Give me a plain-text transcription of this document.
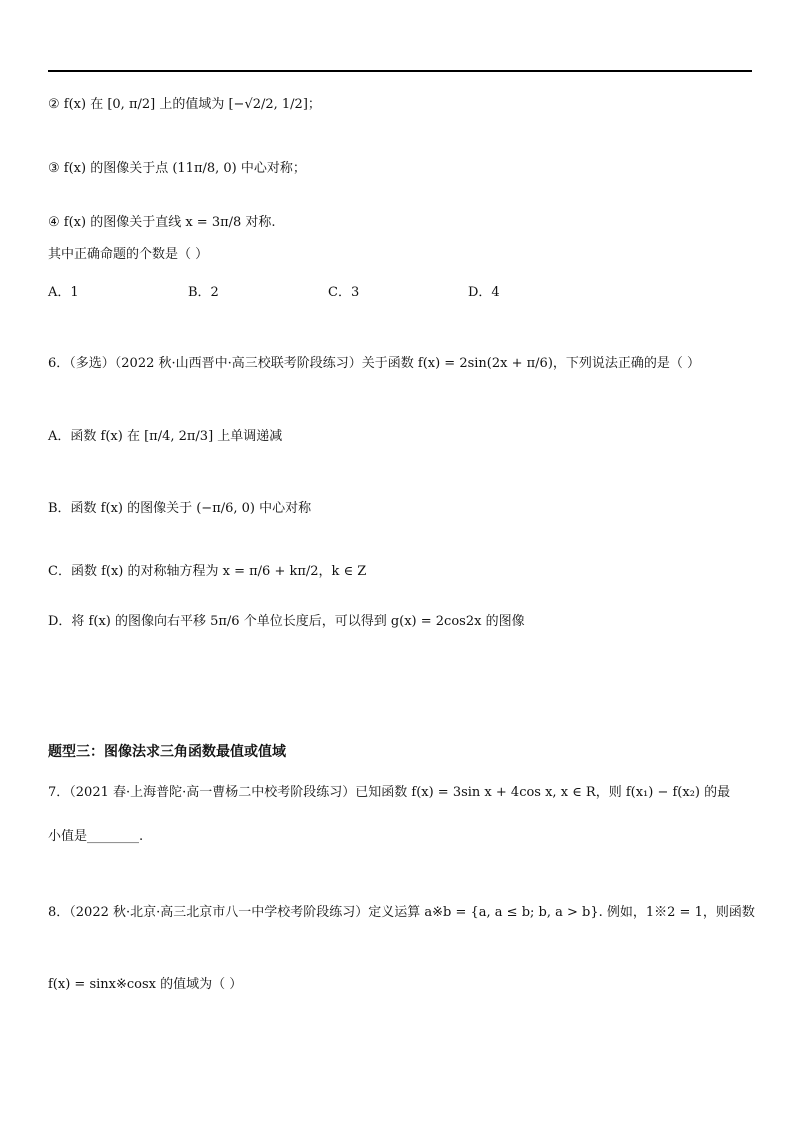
② f(x) 在 [0, π/2] 上的值域为 [−√2/2, 1/2]；
③ f(x) 的图像关于点 (11π/8, 0) 中心对称；
④ f(x) 的图像关于直线 x = 3π/8 对称.
其中正确命题的个数是（ ）
A．1	B．2	C．3	D．4
6．（多选）（2022 秋·山西晋中·高三校联考阶段练习）关于函数 f(x) = 2sin(2x + π/6)，下列说法正确的是（ ）
A．函数 f(x) 在 [π/4, 2π/3] 上单调递减
B．函数 f(x) 的图像关于 (−π/6, 0) 中心对称
C．函数 f(x) 的对称轴方程为 x = π/6 + kπ/2，k ∈ Z
D．将 f(x) 的图像向右平移 5π/6 个单位长度后，可以得到 g(x) = 2cos2x 的图像
题型三：图像法求三角函数最值或值域
7．（2021 春·上海普陀·高一曹杨二中校考阶段练习）已知函数 f(x) = 3sin x + 4cos x, x ∈ R，则 f(x₁) − f(x₂) 的最
小值是________.
8．（2022 秋·北京·高三北京市八一中学校考阶段练习）定义运算 a※b = {a, a ≤ b; b, a > b}. 例如，1※2 = 1，则函数
f(x) = sinx※cosx 的值域为（ ）
